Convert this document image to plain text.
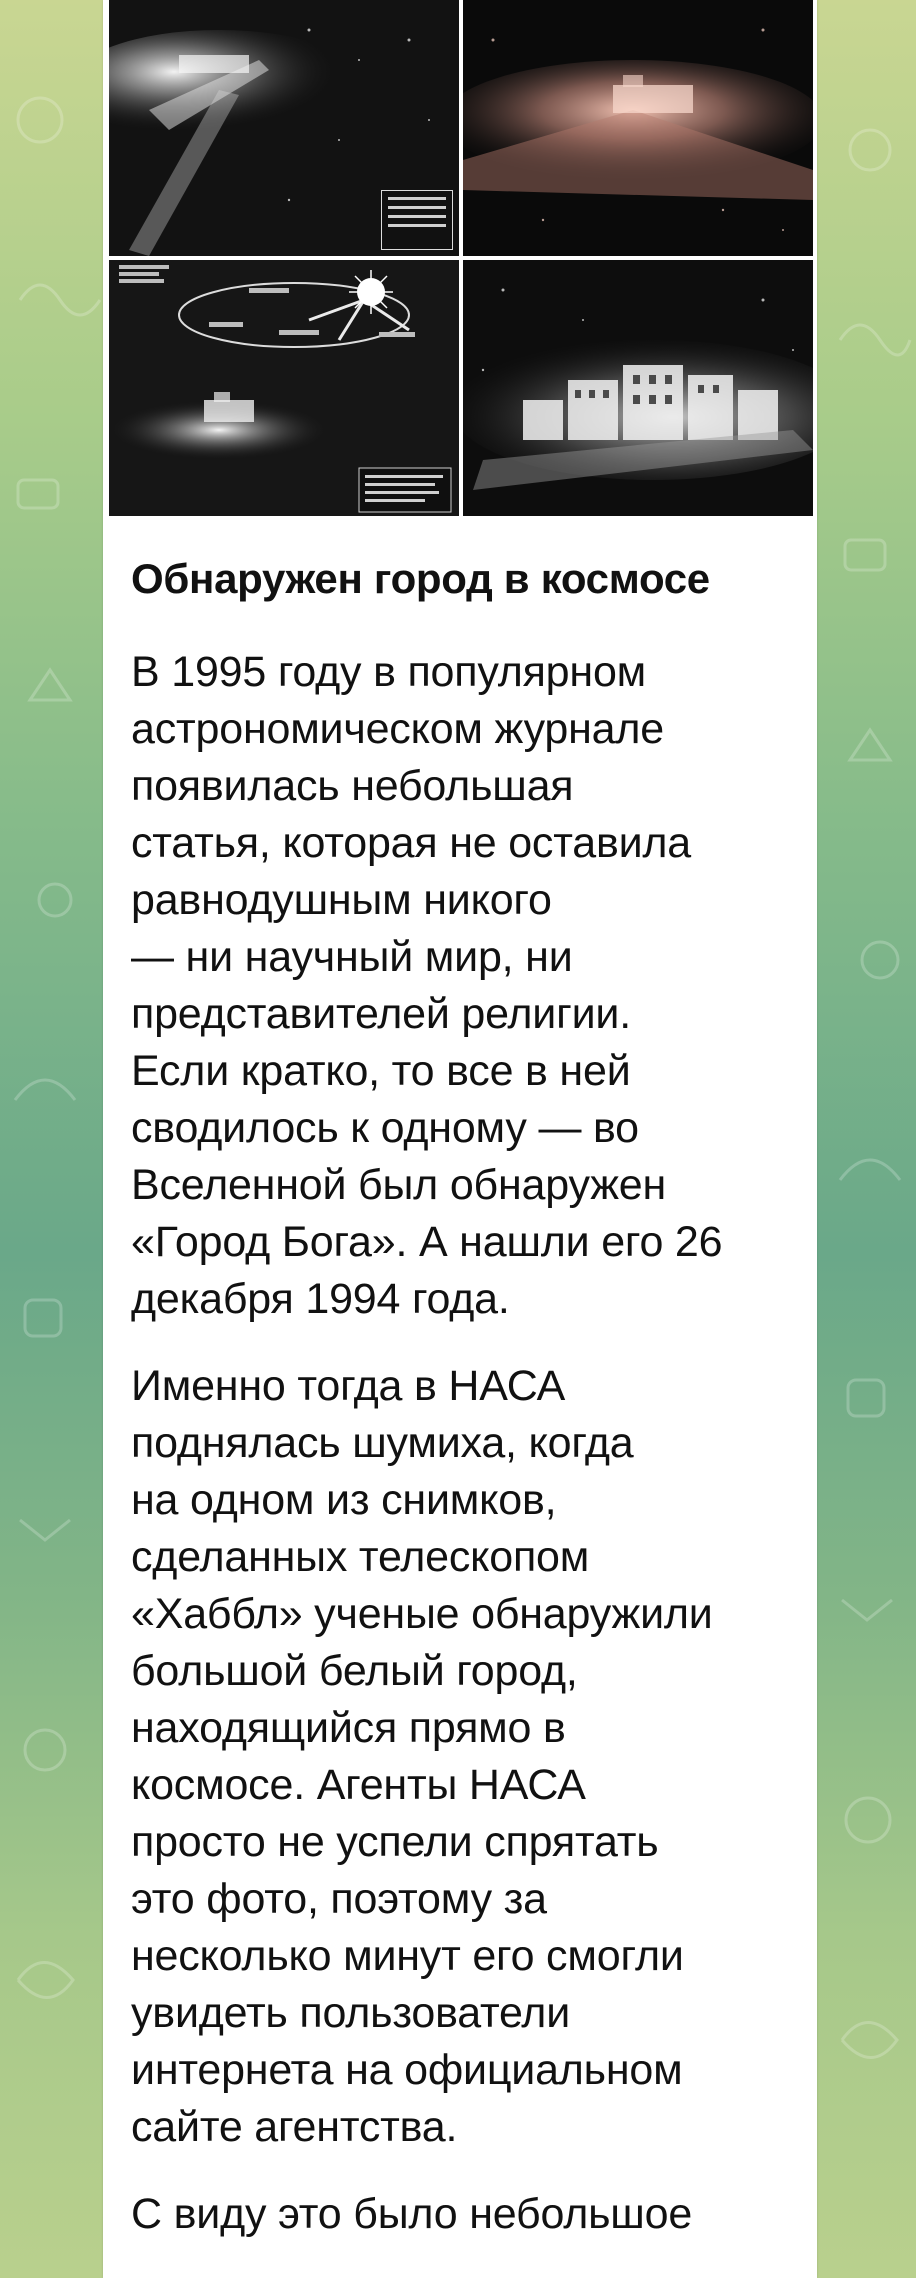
Обнаружен город в космосе
В 1995 году в популярном
астрономическом журнале
появилась небольшая
статья, которая не оставила
равнодушным никого
— ни научный мир, ни
представителей религии.
Если кратко, то все в ней
сводилось к одному — во
Вселенной был обнаружен
«Город Бога». А нашли его 26
декабря 1994 года.
Именно тогда в НАСА
поднялась шумиха, когда
на одном из снимков,
сделанных телескопом
«Хаббл» ученые обнаружили
большой белый город,
находящийся прямо в
космосе. Агенты НАСА
просто не успели спрятать
это фото, поэтому за
несколько минут его смогли
увидеть пользователи
интернета на официальном
сайте агентства.
С виду это было небольшое
